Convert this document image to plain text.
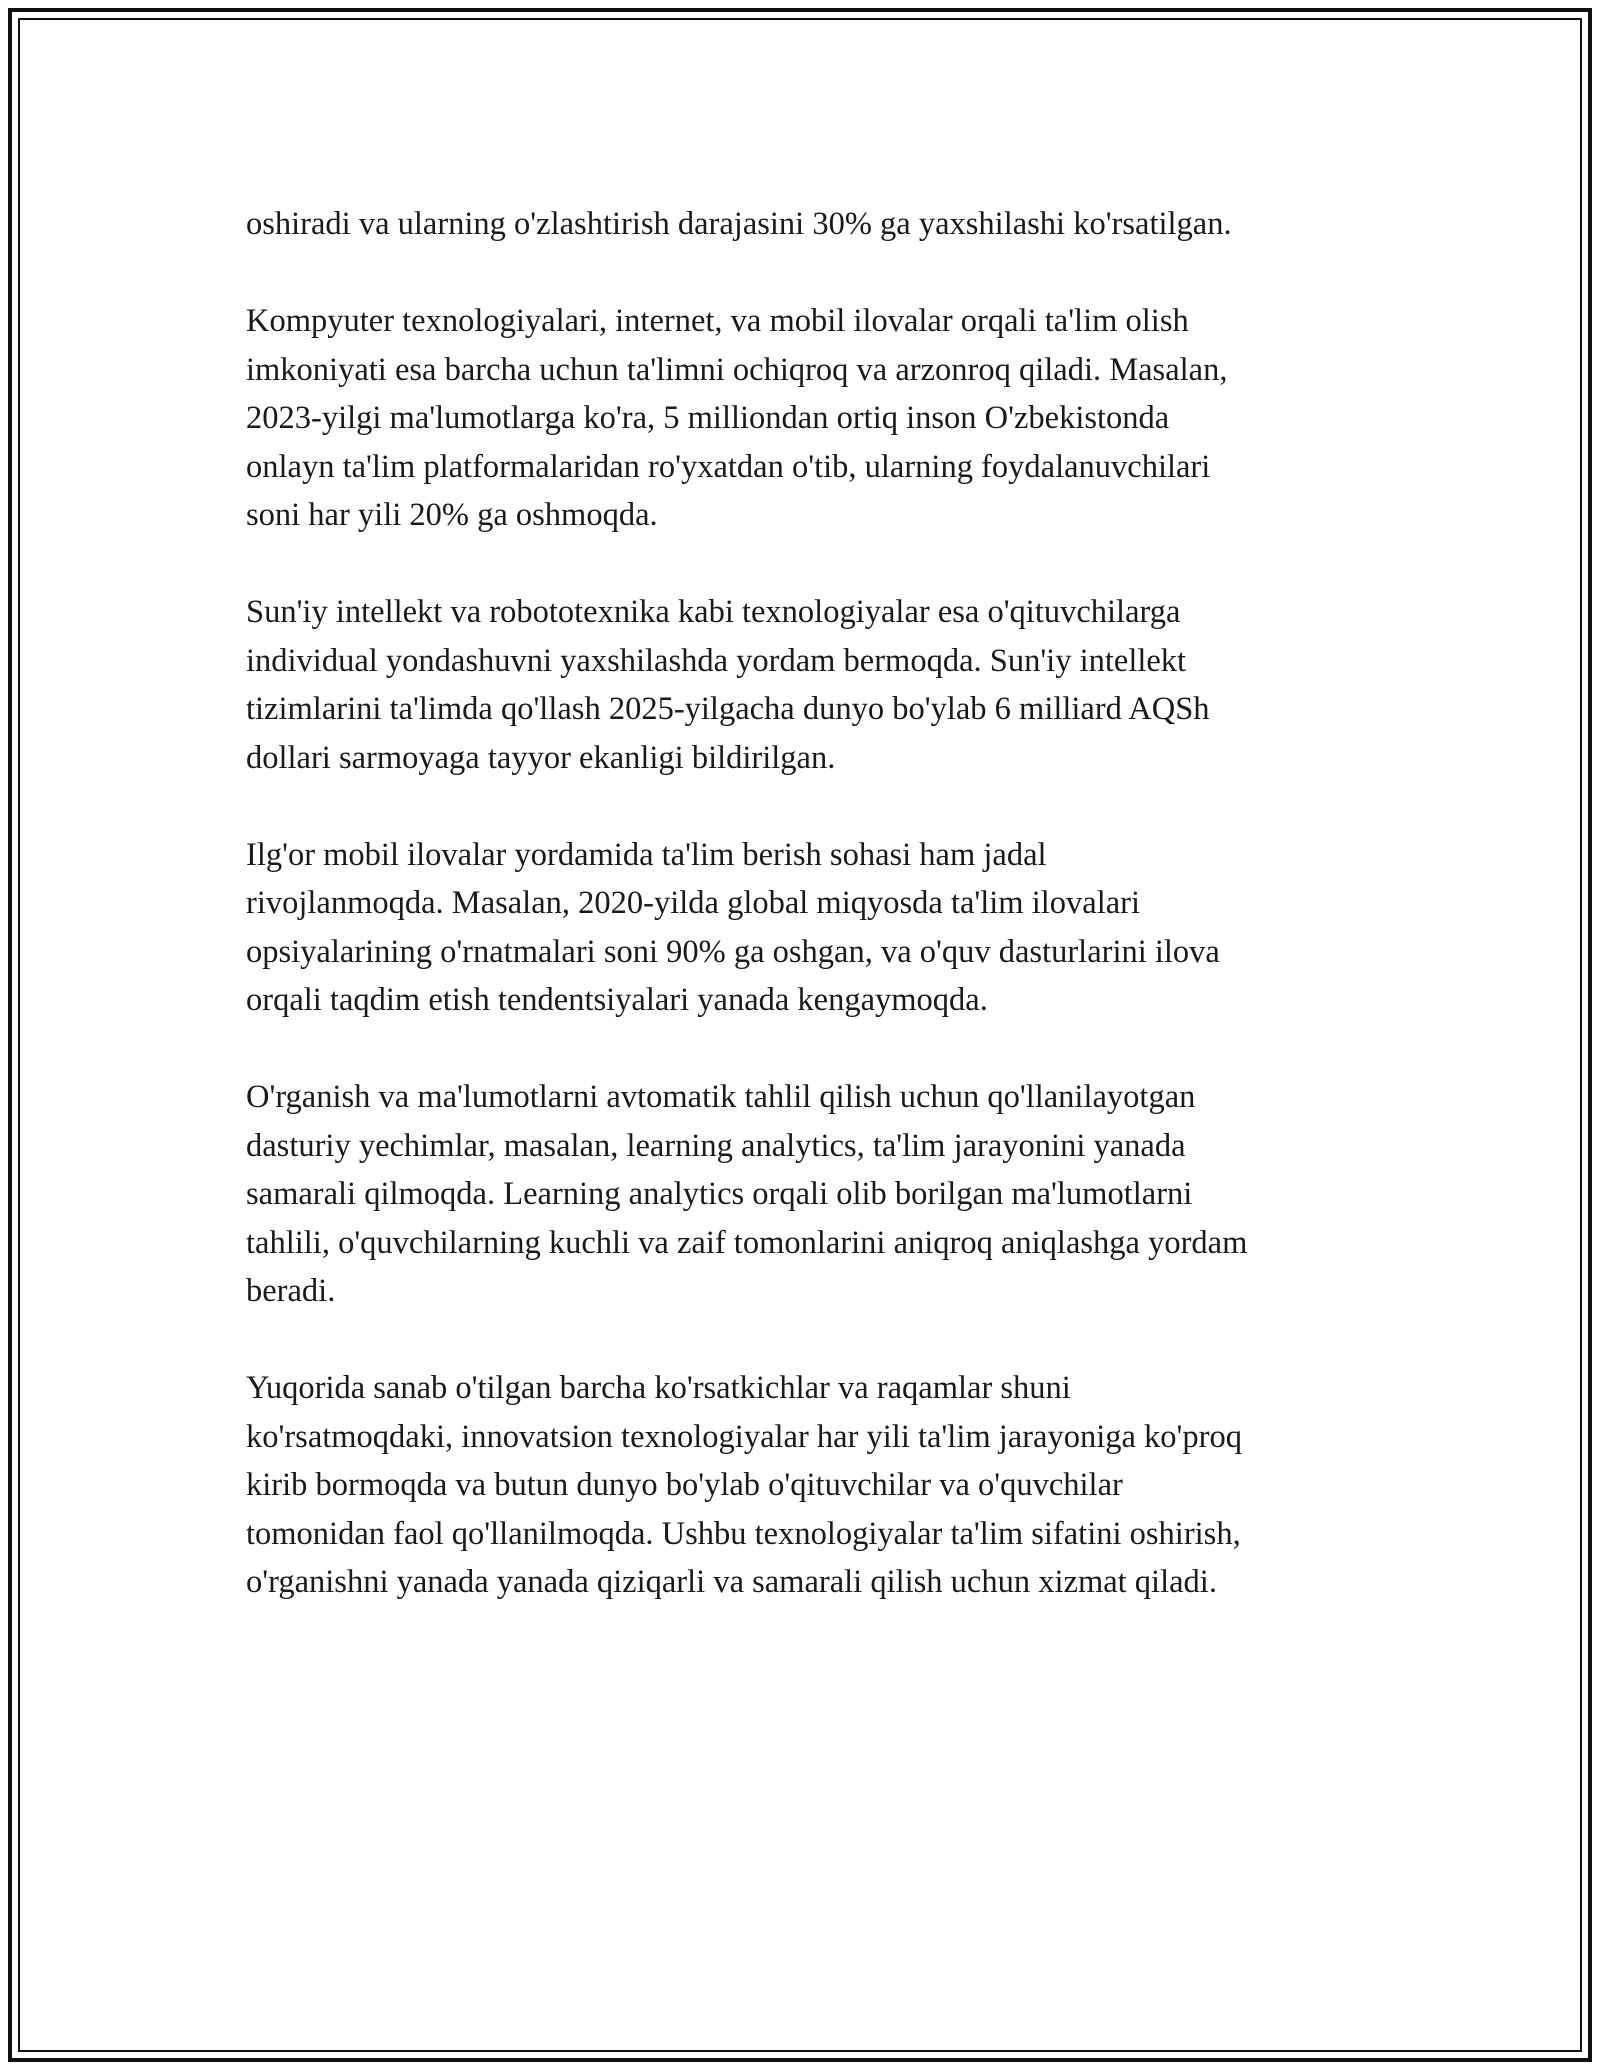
oshiradi va ularning o'zlashtirish darajasini 30% ga yaxshilashi ko'rsatilgan.

Kompyuter texnologiyalari, internet, va mobil ilovalar orqali ta'lim olish
imkoniyati esa barcha uchun ta'limni ochiqroq va arzonroq qiladi. Masalan,
2023-yilgi ma'lumotlarga ko'ra, 5 milliondan ortiq inson O'zbekistonda
onlayn ta'lim platformalaridan ro'yxatdan o'tib, ularning foydalanuvchilari
soni har yili 20% ga oshmoqda.

Sun'iy intellekt va robototexnika kabi texnologiyalar esa o'qituvchilarga
individual yondashuvni yaxshilashda yordam bermoqda. Sun'iy intellekt
tizimlarini ta'limda qo'llash 2025-yilgacha dunyo bo'ylab 6 milliard AQSh
dollari sarmoyaga tayyor ekanligi bildirilgan.

Ilg'or mobil ilovalar yordamida ta'lim berish sohasi ham jadal
rivojlanmoqda. Masalan, 2020-yilda global miqyosda ta'lim ilovalari
opsiyalarining o'rnatmalari soni 90% ga oshgan, va o'quv dasturlarini ilova
orqali taqdim etish tendentsiyalari yanada kengaymoqda.

O'rganish va ma'lumotlarni avtomatik tahlil qilish uchun qo'llanilayotgan
dasturiy yechimlar, masalan, learning analytics, ta'lim jarayonini yanada
samarali qilmoqda. Learning analytics orqali olib borilgan ma'lumotlarni
tahlili, o'quvchilarning kuchli va zaif tomonlarini aniqroq aniqlashga yordam
beradi.

Yuqorida sanab o'tilgan barcha ko'rsatkichlar va raqamlar shuni
ko'rsatmoqdaki, innovatsion texnologiyalar har yili ta'lim jarayoniga ko'proq
kirib bormoqda va butun dunyo bo'ylab o'qituvchilar va o'quvchilar
tomonidan faol qo'llanilmoqda. Ushbu texnologiyalar ta'lim sifatini oshirish,
o'rganishni yanada yanada qiziqarli va samarali qilish uchun xizmat qiladi.
